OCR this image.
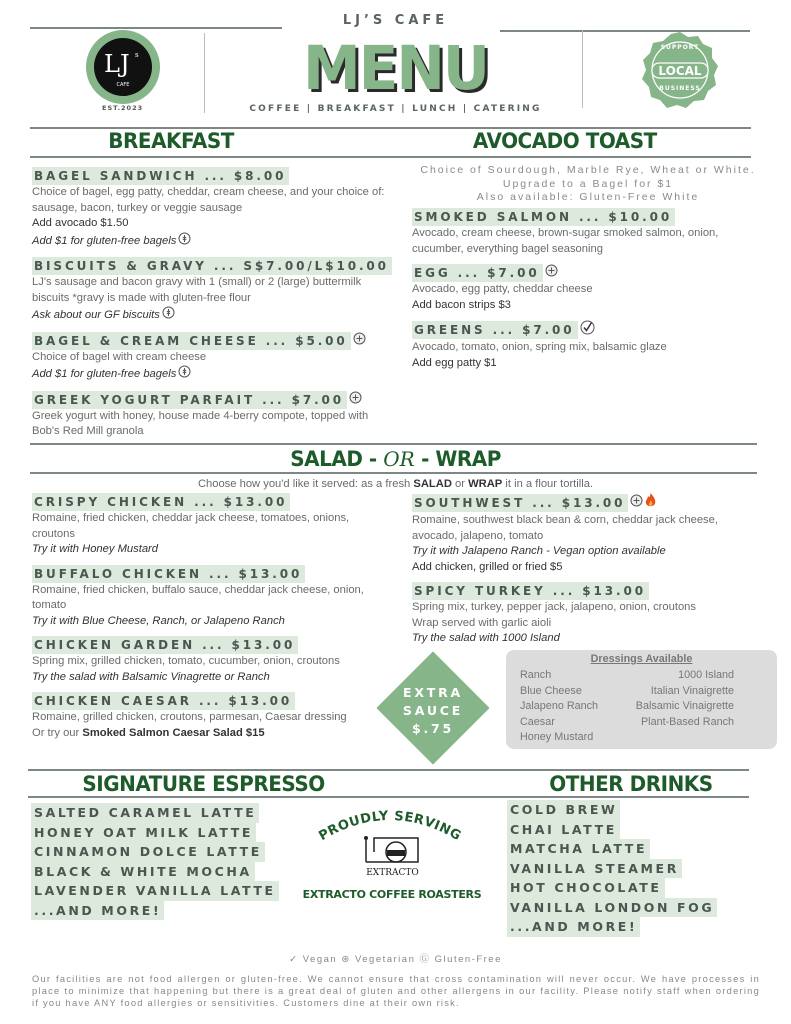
LJ’S CAFE
MENU
COFFEE | BREAKFAST | LUNCH | CATERING
LJ s
CAFE
EST.2023
SUPPORT
LOCAL
BUSINESS
BREAKFAST	AVOCADO TOAST
BAGEL SANDWICH ... $8.00
Choice of bagel, egg patty, cheddar, cream cheese, and your choice of: sausage, bacon, turkey or veggie sausage
Add avocado $1.50
Add $1 for gluten-free bagels
BISCUITS & GRAVY ... S$7.00/L$10.00
LJ's sausage and bacon gravy with 1 (small) or 2 (large) buttermilk biscuits *gravy is made with gluten-free flour
Ask about our GF biscuits
BAGEL & CREAM CHEESE ... $5.00
Choice of bagel with cream cheese
Add $1 for gluten-free bagels
GREEK YOGURT PARFAIT ... $7.00
Greek yogurt with honey, house made 4-berry compote, topped with Bob's Red Mill granola
Choice of Sourdough, Marble Rye, Wheat or White.
Upgrade to a Bagel for $1
Also available: Gluten-Free White
SMOKED SALMON ... $10.00
Avocado, cream cheese, brown-sugar smoked salmon, onion, cucumber, everything bagel seasoning
EGG ... $7.00
Avocado, egg patty, cheddar cheese
Add bacon strips $3
GREENS ... $7.00
Avocado, tomato, onion, spring mix, balsamic glaze
Add egg patty $1
SALAD - OR - WRAP
Choose how you'd like it served: as a fresh SALAD or WRAP it in a flour tortilla.
CRISPY CHICKEN ... $13.00
Romaine, fried chicken, cheddar jack cheese, tomatoes, onions, croutons
Try it with Honey Mustard
BUFFALO CHICKEN ... $13.00
Romaine, fried chicken, buffalo sauce, cheddar jack cheese, onion, tomato
Try it with Blue Cheese, Ranch, or Jalapeno Ranch
CHICKEN GARDEN ... $13.00
Spring mix, grilled chicken, tomato, cucumber, onion, croutons
Try the salad with Balsamic Vinagrette or Ranch
CHICKEN CAESAR ... $13.00
Romaine, grilled chicken, croutons, parmesan, Caesar dressing
Or try our Smoked Salmon Caesar Salad $15
SOUTHWEST ... $13.00
Romaine, southwest black bean & corn, cheddar jack cheese, avocado, jalapeno, tomato
Try it with Jalapeno Ranch - Vegan option available
Add chicken, grilled or fried $5
SPICY TURKEY ... $13.00
Spring mix, turkey, pepper jack, jalapeno, onion, croutons
Wrap served with garlic aioli
Try the salad with 1000 Island
EXTRA
SAUCE
$.75
Dressings Available
Ranch
Blue Cheese
Jalapeno Ranch
Caesar
Honey Mustard
1000 Island
Italian Vinaigrette
Balsamic Vinaigrette
Plant-Based Ranch
SIGNATURE ESPRESSO	OTHER DRINKS
SALTED CARAMEL LATTE
HONEY OAT MILK LATTE
CINNAMON DOLCE LATTE
BLACK & WHITE MOCHA
LAVENDER VANILLA LATTE
...AND MORE!
COLD BREW
CHAI LATTE
MATCHA LATTE
VANILLA STEAMER
HOT CHOCOLATE
VANILLA LONDON FOG
...AND MORE!
PROUDLY SERVING
EXTRACTO
EXTRACTO COFFEE ROASTERS
✓ Vegan ⊛ Vegetarian Ⓖ Gluten-Free
Our facilities are not food allergen or gluten-free. We cannot ensure that cross contamination will never occur. We have processes in place to minimize that happening but there is a great deal of gluten and other allergens in our facility. Please notify staff when ordering if you have ANY food allergies or sensitivities. Customers dine at their own risk.
